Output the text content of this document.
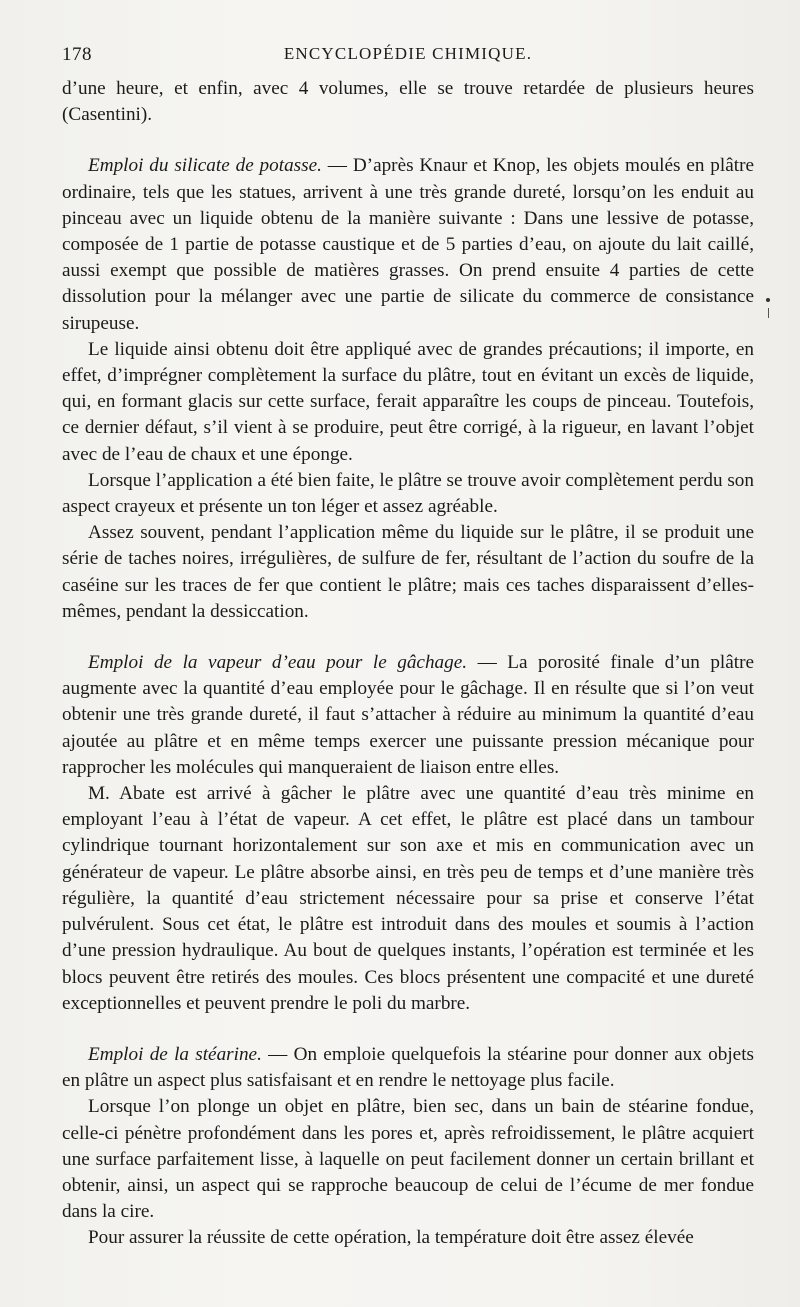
178	ENCYCLOPÉDIE CHIMIQUE.

d’une heure, et enfin, avec 4 volumes, elle se trouve retardée de plusieurs heures (Casentini).

Emploi du silicate de potasse. — D’après Knaur et Knop, les objets moulés en plâtre ordinaire, tels que les statues, arrivent à une très grande dureté, lorsqu’on les enduit au pinceau avec un liquide obtenu de la manière suivante : Dans une lessive de potasse, composée de 1 partie de potasse caustique et de 5 parties d’eau, on ajoute du lait caillé, aussi exempt que possible de matières grasses. On prend ensuite 4 parties de cette dissolution pour la mélanger avec une partie de silicate du commerce de consistance sirupeuse.

Le liquide ainsi obtenu doit être appliqué avec de grandes précautions; il importe, en effet, d’imprégner complètement la surface du plâtre, tout en évitant un excès de liquide, qui, en formant glacis sur cette surface, ferait apparaître les coups de pinceau. Toutefois, ce dernier défaut, s’il vient à se produire, peut être corrigé, à la rigueur, en lavant l’objet avec de l’eau de chaux et une éponge.

Lorsque l’application a été bien faite, le plâtre se trouve avoir complètement perdu son aspect crayeux et présente un ton léger et assez agréable.

Assez souvent, pendant l’application même du liquide sur le plâtre, il se produit une série de taches noires, irrégulières, de sulfure de fer, résultant de l’action du soufre de la caséine sur les traces de fer que contient le plâtre; mais ces taches disparaissent d’elles-mêmes, pendant la dessiccation.

Emploi de la vapeur d’eau pour le gâchage. — La porosité finale d’un plâtre augmente avec la quantité d’eau employée pour le gâchage. Il en résulte que si l’on veut obtenir une très grande dureté, il faut s’attacher à réduire au minimum la quantité d’eau ajoutée au plâtre et en même temps exercer une puissante pression mécanique pour rapprocher les molécules qui manqueraient de liaison entre elles.

M. Abate est arrivé à gâcher le plâtre avec une quantité d’eau très minime en employant l’eau à l’état de vapeur. A cet effet, le plâtre est placé dans un tambour cylindrique tournant horizontalement sur son axe et mis en communication avec un générateur de vapeur. Le plâtre absorbe ainsi, en très peu de temps et d’une manière très régulière, la quantité d’eau strictement nécessaire pour sa prise et conserve l’état pulvérulent. Sous cet état, le plâtre est introduit dans des moules et soumis à l’action d’une pression hydraulique. Au bout de quelques instants, l’opération est terminée et les blocs peuvent être retirés des moules. Ces blocs présentent une compacité et une dureté exceptionnelles et peuvent prendre le poli du marbre.

Emploi de la stéarine. — On emploie quelquefois la stéarine pour donner aux objets en plâtre un aspect plus satisfaisant et en rendre le nettoyage plus facile.

Lorsque l’on plonge un objet en plâtre, bien sec, dans un bain de stéarine fondue, celle-ci pénètre profondément dans les pores et, après refroidissement, le plâtre acquiert une surface parfaitement lisse, à laquelle on peut facilement donner un certain brillant et obtenir, ainsi, un aspect qui se rapproche beaucoup de celui de l’écume de mer fondue dans la cire.

Pour assurer la réussite de cette opération, la température doit être assez élevée
